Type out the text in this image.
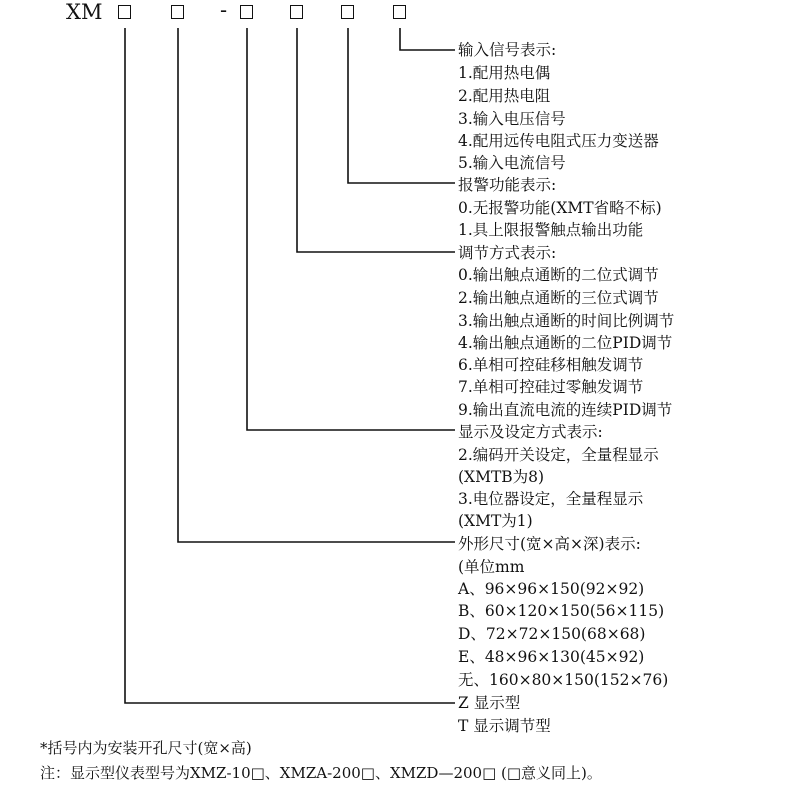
XM	-
输入信号表示:
1.配用热电偶
2.配用热电阻
3.输入电压信号
4.配用远传电阻式压力变送器
5.输入电流信号
报警功能表示:
0.无报警功能(XMT省略不标)
1.具上限报警触点输出功能
调节方式表示:
0.输出触点通断的二位式调节
2.输出触点通断的三位式调节
3.输出触点通断的时间比例调节
4.输出触点通断的二位PID调节
6.单相可控硅移相触发调节
7.单相可控硅过零触发调节
9.输出直流电流的连续PID调节
显示及设定方式表示:
2.编码开关设定，全量程显示
(XMTB为8)
3.电位器设定，全量程显示
(XMT为1)
外形尺寸(宽×高×深)表示:
(单位mm
A、96×96×150(92×92)
B、60×120×150(56×115)
D、72×72×150(68×68)
E、48×96×130(45×92)
无、160×80×150(152×76)
Z 显示型
T 显示调节型
*括号内为安装开孔尺寸(宽×高)
注：显示型仪表型号为XMZ-10□、XMZA-200□、XMZD—200□ (□意义同上)。
